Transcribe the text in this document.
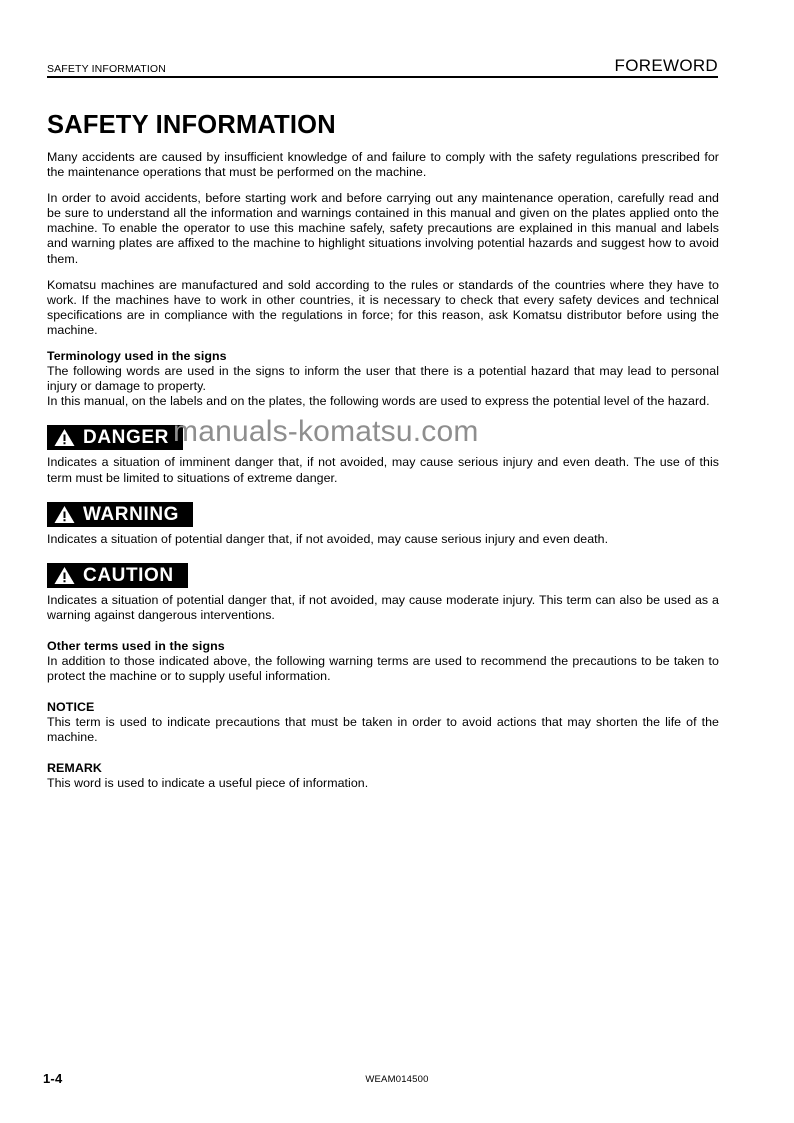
SAFETY INFORMATION	FOREWORD
SAFETY INFORMATION

Many accidents are caused by insufficient knowledge of and failure to comply with the safety regulations prescribed for the maintenance operations that must be performed on the machine.

In order to avoid accidents, before starting work and before carrying out any maintenance operation, carefully read and be sure to understand all the information and warnings contained in this manual and given on the plates applied onto the machine. To enable the operator to use this machine safely, safety precautions are explained in this manual and labels and warning plates are affixed to the machine to highlight situations involving potential hazards and suggest how to avoid them.

Komatsu machines are manufactured and sold according to the rules or standards of the countries where they have to work. If the machines have to work in other countries, it is necessary to check that every safety devices and technical specifications are in compliance with the regulations in force; for this reason, ask Komatsu distributor before using the machine.

Terminology used in the signs

The following words are used in the signs to inform the user that there is a potential hazard that may lead to personal injury or damage to property.

In this manual, on the labels and on the plates, the following words are used to express the potential level of the hazard.

DANGER

Indicates a situation of imminent danger that, if not avoided, may cause serious injury and even death. The use of this term must be limited to situations of extreme danger.

WARNING

Indicates a situation of potential danger that, if not avoided, may cause serious injury and even death.

CAUTION

Indicates a situation of potential danger that, if not avoided, may cause moderate injury. This term can also be used as a warning against dangerous interventions.

Other terms used in the signs

In addition to those indicated above, the following warning terms are used to recommend the precautions to be taken to protect the machine or to supply useful information.

NOTICE

This term is used to indicate precautions that must be taken in order to avoid actions that may shorten the life of the machine.

REMARK

This word is used to indicate a useful piece of information.

manuals-komatsu.com
1-4	WEAM014500
